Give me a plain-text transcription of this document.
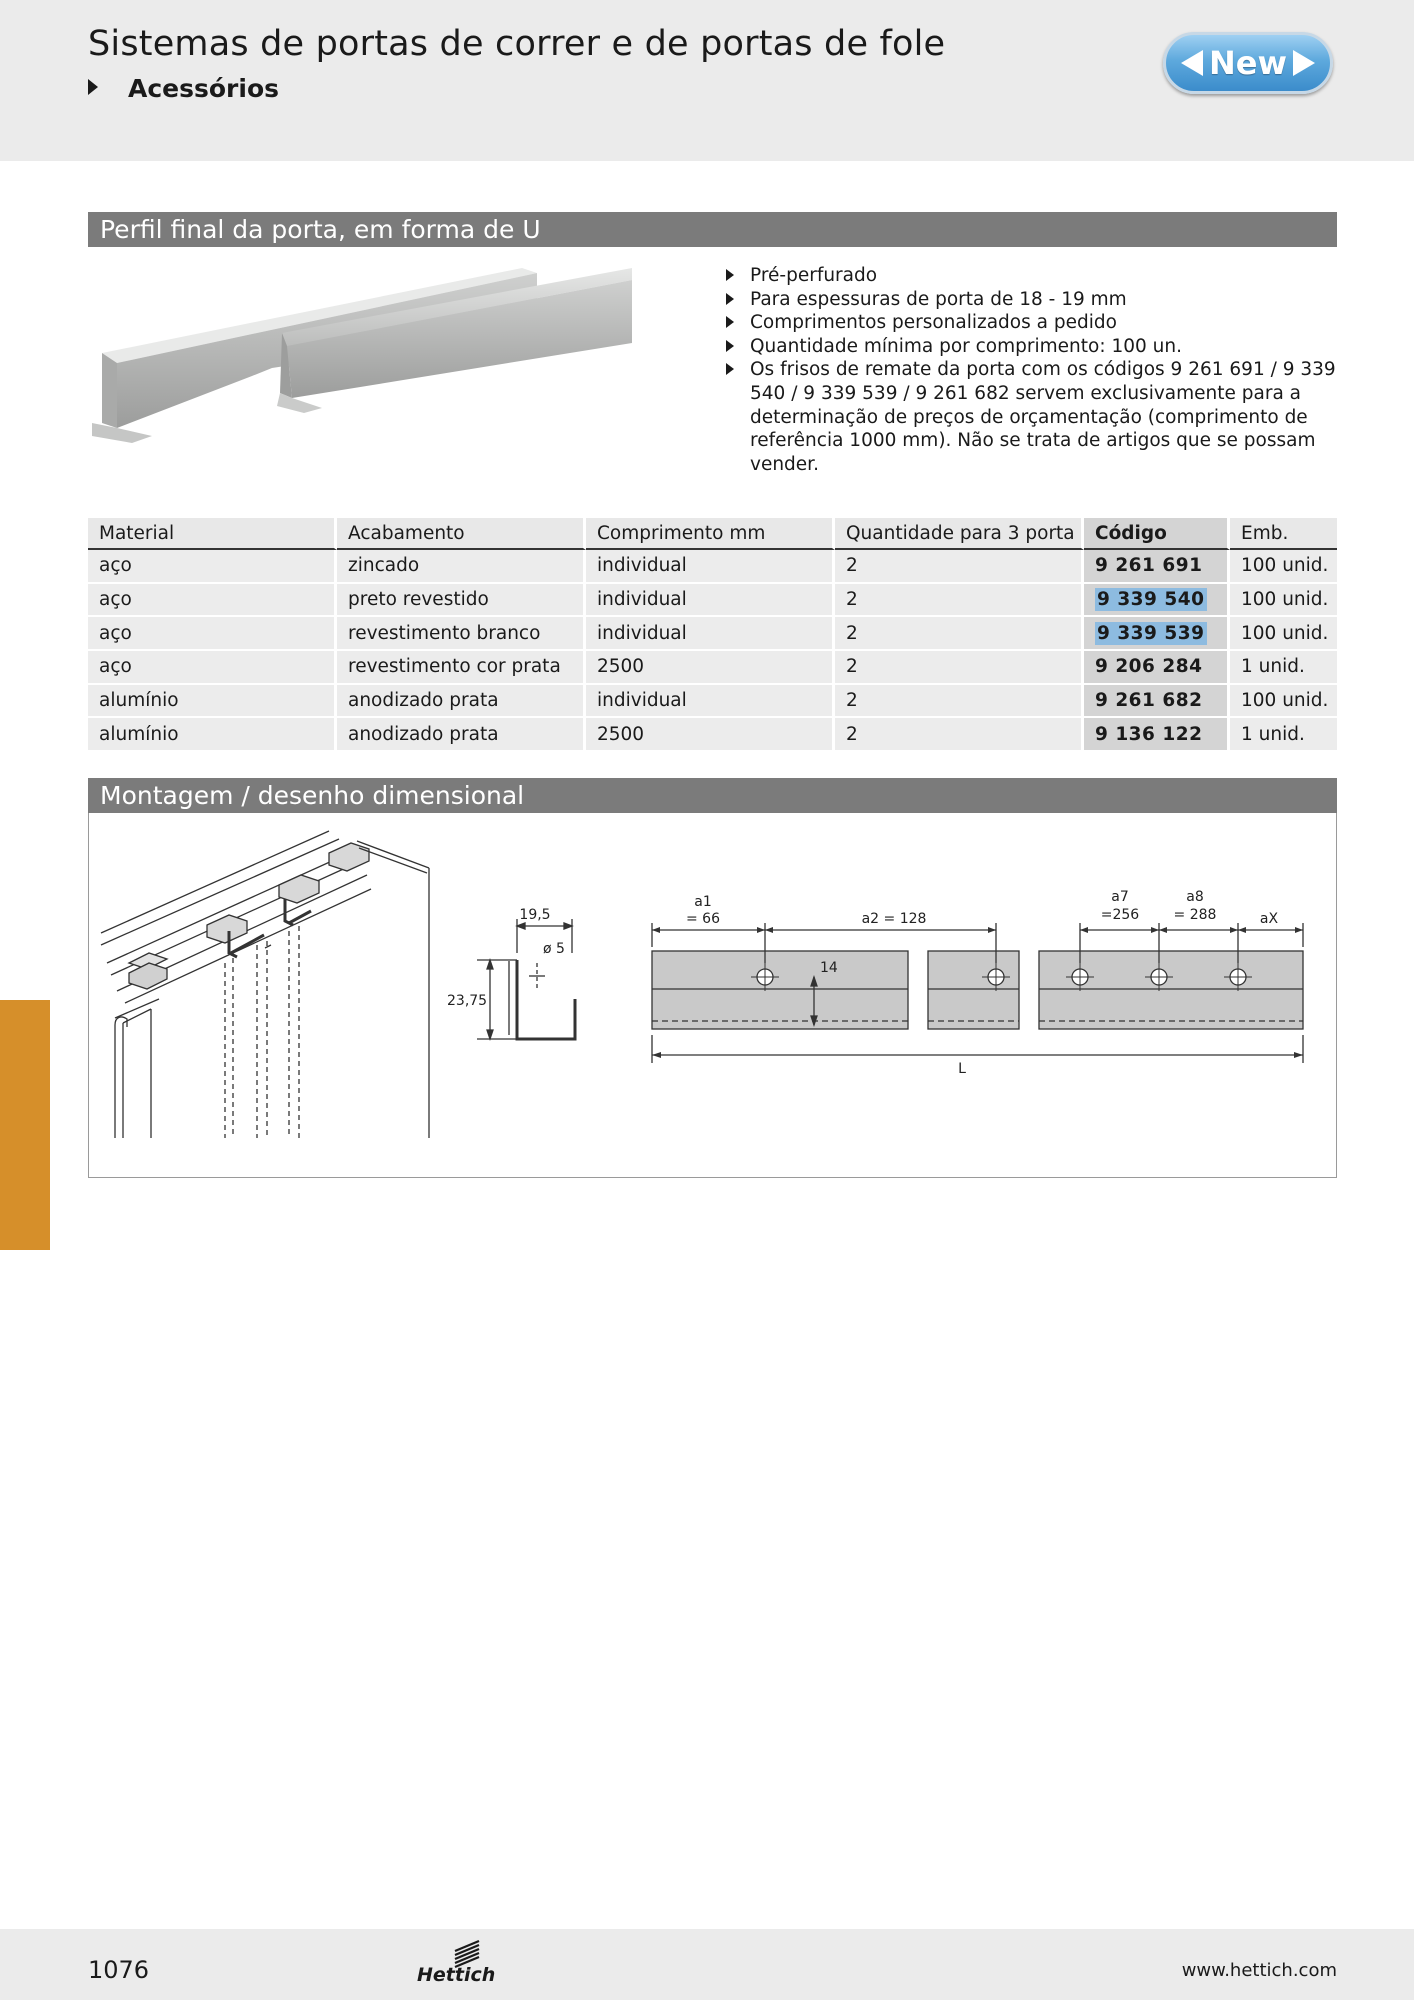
Sistemas de portas de correr e de portas de fole
Acessórios
New
Perfil final da porta, em forma de U
Pré-perfurado
Para espessuras de porta de 18 - 19 mm
Comprimentos personalizados a pedido
Quantidade mínima por comprimento: 100 un.
Os frisos de remate da porta com os códigos 9 261 691 / 9 339 540 / 9 339 539 / 9 261 682 servem exclusivamente para a determinação de preços de orçamentação (comprimento de referência 1000 mm). Não se trata de artigos que se possam vender.
Material	Acabamento	Comprimento mm	Quantidade para 3 porta	Código	Emb.
aço	zincado	individual	2	9 261 691	100 unid.
aço	preto revestido	individual	2	9 339 540	100 unid.
aço	revestimento branco	individual	2	9 339 539	100 unid.
aço	revestimento cor prata	2500	2	9 206 284	1 unid.
alumínio	anodizado prata	individual	2	9 261 682	100 unid.
alumínio	anodizado prata	2500	2	9 136 122	1 unid.
Montagem / desenho dimensional
19,5
ø 5
23,75
a1
= 66	a2 = 128
14
a7
=256
a8
= 288	aX
L
1076	Hettich	www.hettich.com
